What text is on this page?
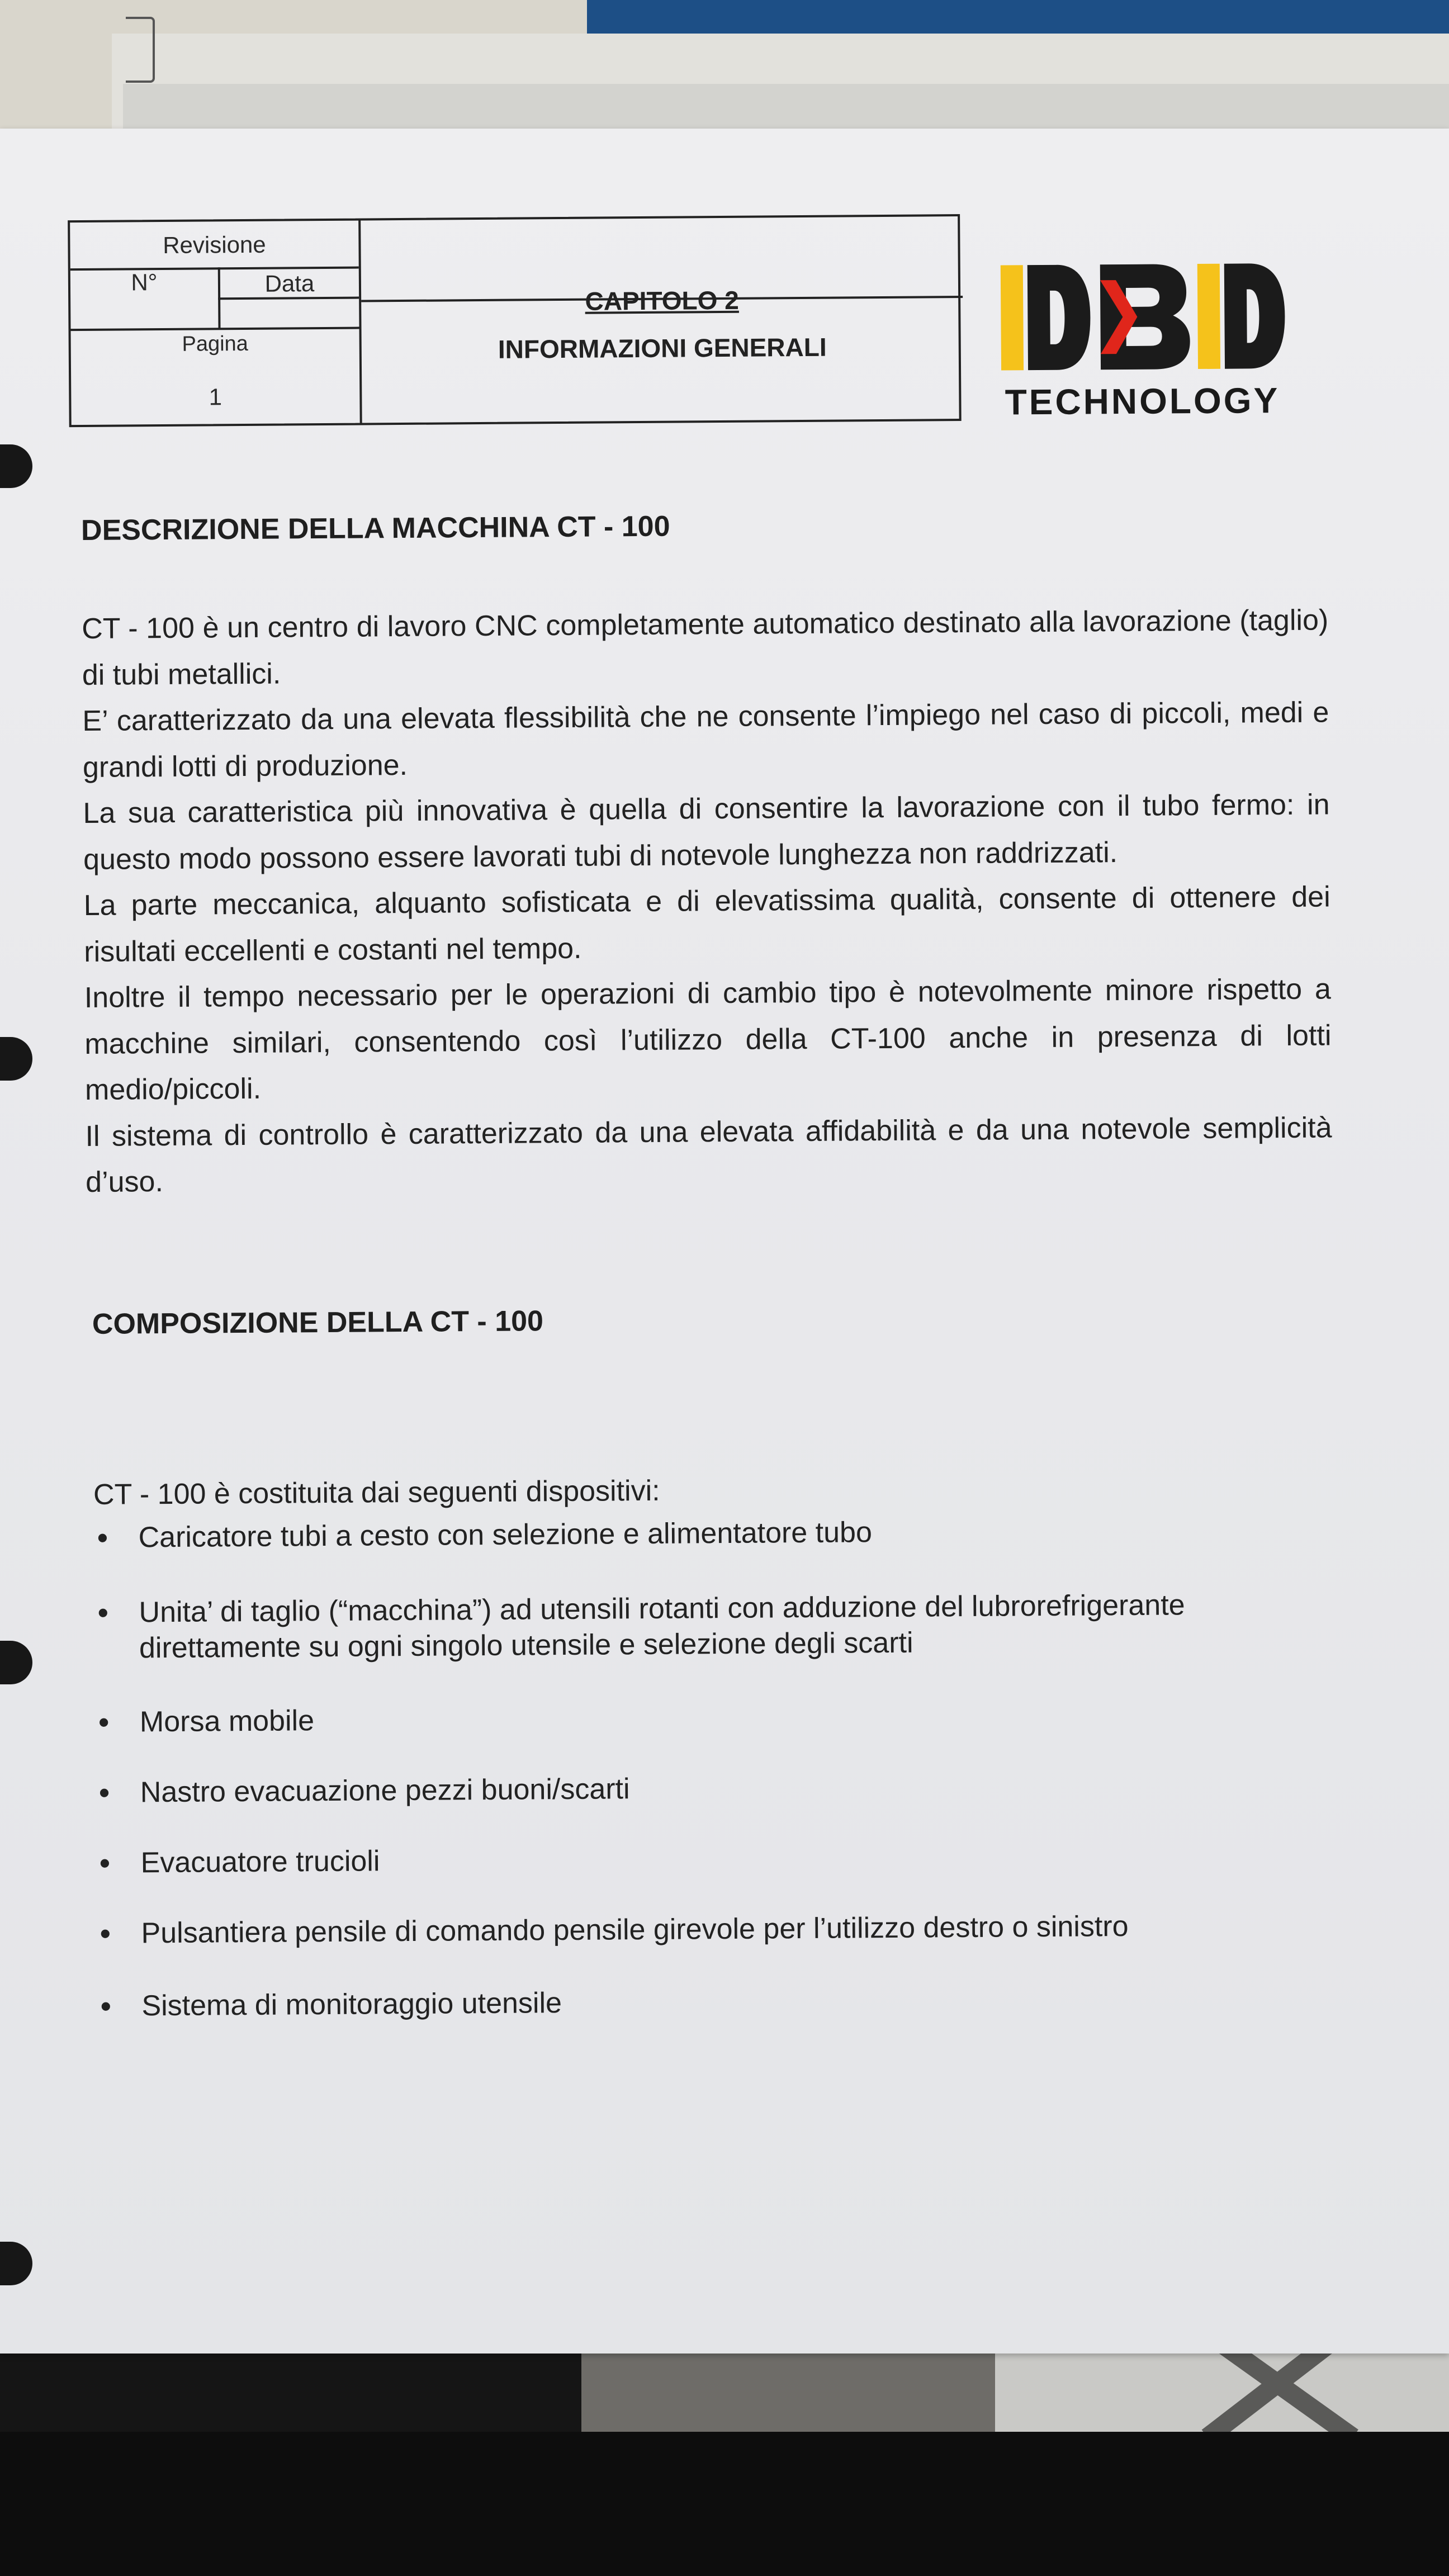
Revisione
N°	Data
Pagina
1
CAPITOLO 2
INFORMAZIONI GENERALI
TECHNOLOGY
DESCRIZIONE DELLA MACCHINA CT - 100

CT - 100 è un centro di lavoro CNC completamente automatico destinato alla lavorazione (taglio) di tubi metallici.

E’ caratterizzato da una elevata flessibilità che ne consente l’impiego nel caso di piccoli, medi e grandi lotti di produzione.

La sua caratteristica più innovativa è quella di consentire la lavorazione con il tubo fermo: in questo modo possono essere lavorati tubi di notevole lunghezza non raddrizzati.

La parte meccanica, alquanto sofisticata e di elevatissima qualità, consente di ottenere dei risultati eccellenti e costanti nel tempo.

Inoltre il tempo necessario per le operazioni di cambio tipo è notevolmente minore rispetto a macchine similari, consentendo così l’utilizzo della CT-100 anche in presenza di lotti medio/piccoli.

Il sistema di controllo è caratterizzato da una elevata affidabilità e da una notevole semplicità d’uso.

COMPOSIZIONE DELLA CT - 100
CT - 100 è costituita dai seguenti dispositivi:
• Caricatore tubi a cesto con selezione e alimentatore tubo
• Unita’ di taglio (“macchina”) ad utensili rotanti con adduzione del lubrorefrigerante direttamente su ogni singolo utensile e selezione degli scarti
• Morsa mobile
• Nastro evacuazione pezzi buoni/scarti
• Evacuatore trucioli
• Pulsantiera pensile di comando pensile girevole per l’utilizzo destro o sinistro
• Sistema di monitoraggio utensile
